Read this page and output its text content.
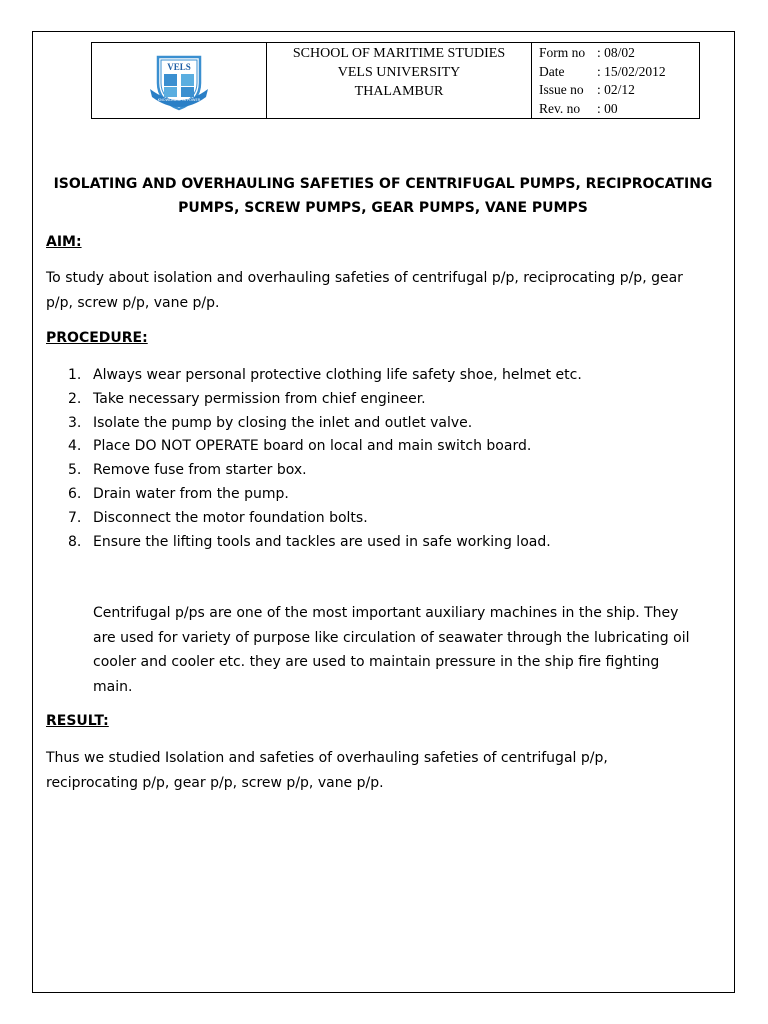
VELS
KNOWLEDGE IS POWER
SCHOOL OF MARITIME STUDIES
VELS UNIVERSITY
THALAMBUR
Form no : 08/02
Date	: 15/02/2012
Issue no : 02/12
Rev. no	: 00
ISOLATING AND OVERHAULING SAFETIES OF CENTRIFUGAL PUMPS, RECIPROCATING
PUMPS, SCREW PUMPS, GEAR PUMPS, VANE PUMPS
AIM:
To study about isolation and overhauling safeties of centrifugal p/p, reciprocating p/p, gear
p/p, screw p/p, vane p/p.
PROCEDURE:
1. Always wear personal protective clothing life safety shoe, helmet etc.
2. Take necessary permission from chief engineer.
3. Isolate the pump by closing the inlet and outlet valve.
4. Place DO NOT OPERATE board on local and main switch board.
5. Remove fuse from starter box.
6. Drain water from the pump.
7. Disconnect the motor foundation bolts.
8. Ensure the lifting tools and tackles are used in safe working load.
Centrifugal p/ps are one of the most important auxiliary machines in the ship. They
are used for variety of purpose like circulation of seawater through the lubricating oil
cooler and cooler etc. they are used to maintain pressure in the ship fire fighting
main.
RESULT:
Thus we studied Isolation and safeties of overhauling safeties of centrifugal p/p,
reciprocating p/p, gear p/p, screw p/p, vane p/p.
